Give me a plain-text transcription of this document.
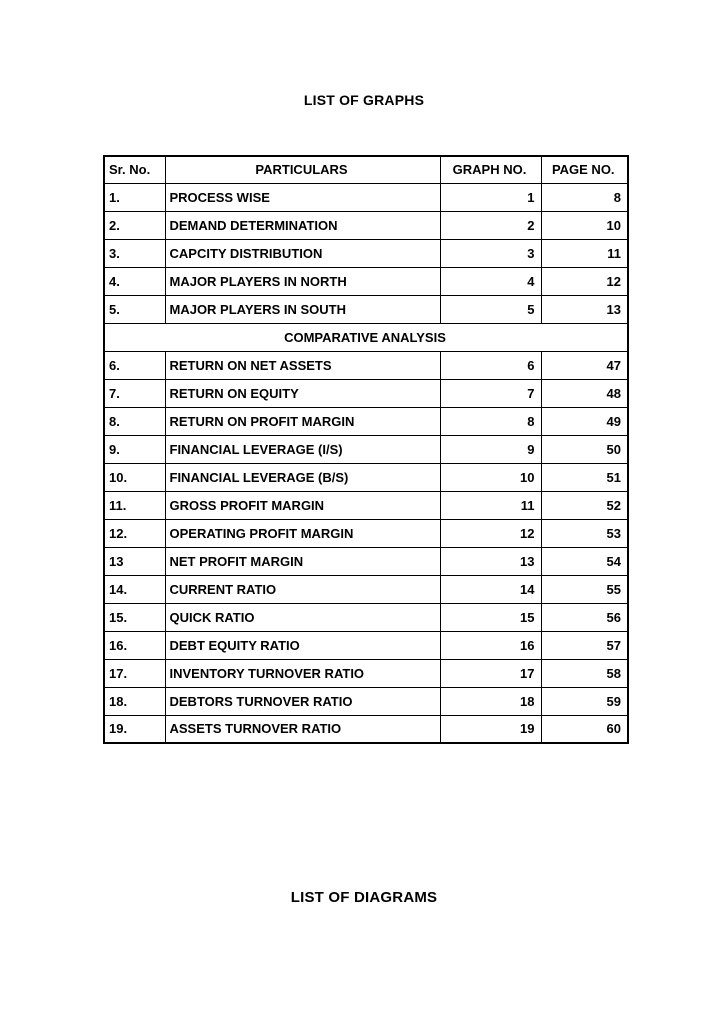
LIST OF GRAPHS
Sr. No.	PARTICULARS	GRAPH NO.	PAGE NO.
1.	PROCESS WISE	1	8
2.	DEMAND DETERMINATION	2	10
3.	CAPCITY DISTRIBUTION	3	11
4.	MAJOR PLAYERS IN NORTH	4	12
5.	MAJOR PLAYERS IN SOUTH	5	13
COMPARATIVE ANALYSIS			
6.	RETURN ON NET ASSETS	6	47
7.	RETURN ON EQUITY	7	48
8.	RETURN ON PROFIT MARGIN	8	49
9.	FINANCIAL LEVERAGE (I/S)	9	50
10.	FINANCIAL LEVERAGE (B/S)	10	51
11.	GROSS PROFIT MARGIN	11	52
12.	OPERATING PROFIT MARGIN	12	53
13	NET PROFIT MARGIN	13	54
14.	CURRENT RATIO	14	55
15.	QUICK RATIO	15	56
16.	DEBT EQUITY RATIO	16	57
17.	INVENTORY TURNOVER RATIO	17	58
18.	DEBTORS TURNOVER RATIO	18	59
19.	ASSETS TURNOVER RATIO	19	60
LIST OF DIAGRAMS
